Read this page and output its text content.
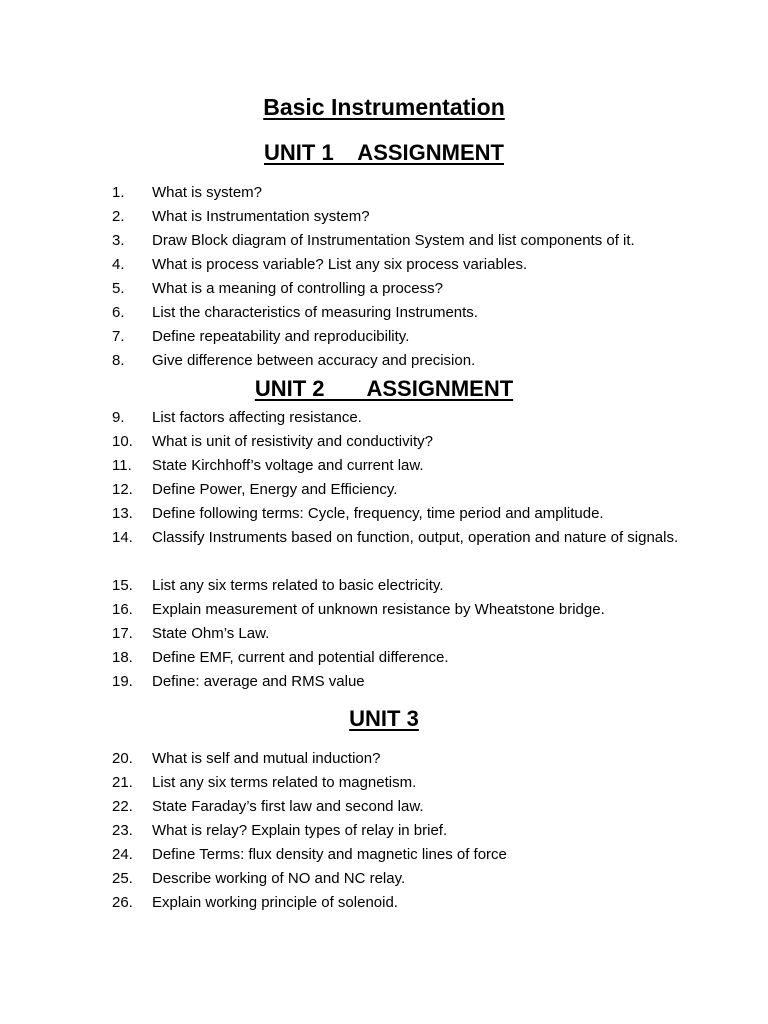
Basic Instrumentation
UNIT 1    ASSIGNMENT
1.	What is system?
2.	What is Instrumentation system?
3.	Draw Block diagram of Instrumentation System and list components of it.
4.	What is process variable? List any six process variables.
5.	What is a meaning of controlling a process?
6.	List the characteristics of measuring Instruments.
7.	Define repeatability and reproducibility.
8.	Give difference between accuracy and precision.
UNIT 2       ASSIGNMENT
9.	List factors affecting resistance.
10.	What is unit of resistivity and conductivity?
11.	State Kirchhoff’s voltage and current law.
12.	Define Power, Energy and Efficiency.
13.	Define following terms: Cycle, frequency, time period and amplitude.
14.	Classify Instruments based on function, output, operation and nature of signals.
15.	List any six terms related to basic electricity.
16.	Explain measurement of unknown resistance by Wheatstone bridge.
17.	State Ohm’s Law.
18.	Define EMF, current and potential difference.
19.	Define: average and RMS value
UNIT 3
20.	What is self and mutual induction?
21.	List any six terms related to magnetism.
22.	State Faraday’s first law and second law.
23.	What is relay? Explain types of relay in brief.
24.	Define Terms: flux density and magnetic lines of force
25.	Describe working of NO and NC relay.
26.	Explain working principle of solenoid.
